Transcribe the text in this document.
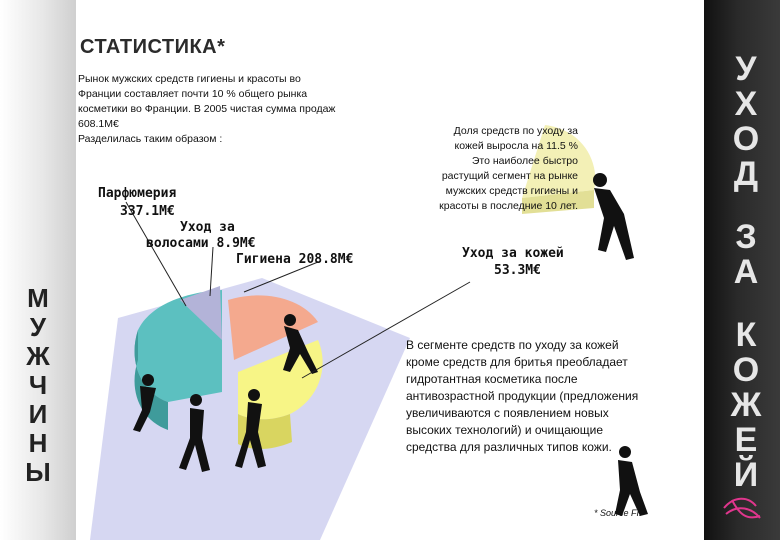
М
У
Ж
Ч
И
Н
Ы
У
Х
О
Д
З
А
К
О
Ж
Е
Й
СТАТИСТИКА*
Рынок мужских средств гигиены и красоты во
Франции составляет почти 10 % общего рынка
косметики во Франции. В 2005 чистая сумма продаж
608.1М€
Разделилась таким образом :
Парфюмерия
337.1М€
Уход за
волосами 8.9М€
Гигиена 208.8М€
Доля средств по уходу за
кожей выросла на 11.5 %
Это наиболее быстро
растущий сегмент на рынке
мужских средств гигиены и
красоты в последние 10 лет.
Уход за кожей
53.3М€
В сегменте средств по уходу за кожей
кроме средств для бритья преобладает
гидротантная косметика после
антивозрастной продукции (предложения
увеличиваются с появлением новых
высоких технологий) и очищающие
средства для различных типов кожи.
* Source FIP
